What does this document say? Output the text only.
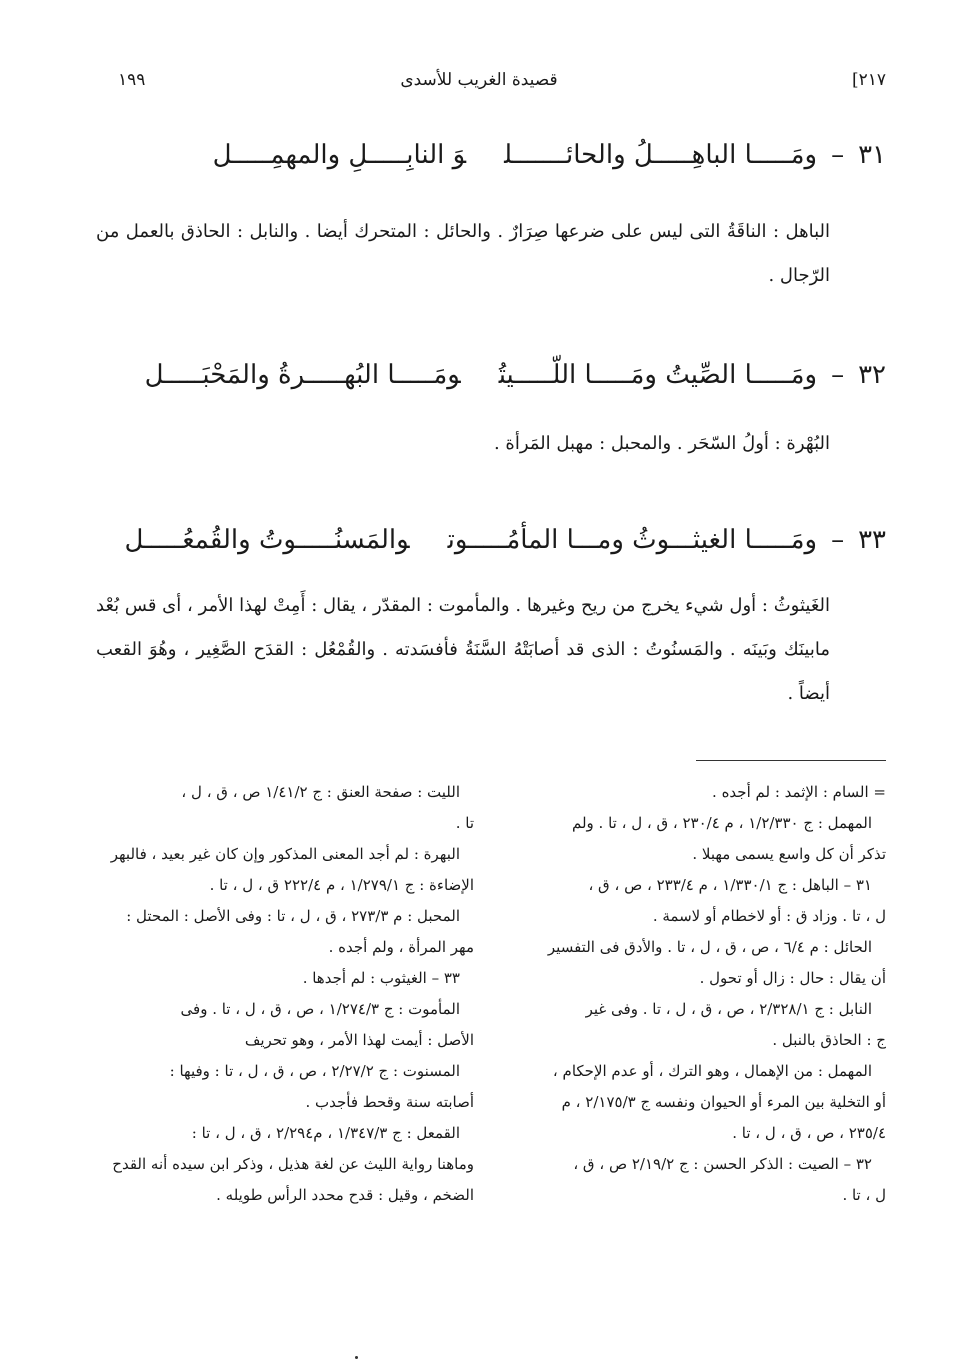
٢١٧]
قصيدة الغريب للأسدى
١٩٩
٣١–ومَـــــا الباهِـــــلُ والحائـــــــلوَ النابِـــــلِ والمهمِـــــل
الباهل : الناقَةُ التى ليس على ضرعها صِرَارٌ . والحائل : المتحرك أيضا . والنابل : الحاذق بالعمل من الرّجال .
٣٢–ومَـــــا الصِّيتُ ومَـــــا اللّـــــيتُومَـــــا البُهـــــرةُ والمَحْبَـــــل
البُهْرة : أولُ السّحَر . والمحبل : مهبل المَرأة .
٣٣–ومَـــــا الغيثـــوثُ ومـــا المأمُـــــوتوالمَسنُـــــوتُ والقُمعُـــــل
الغَيثوثُ : أول شيء يخرج من ريح وغيرها . والمأموت : المقدّر ، يقال : أَمِتْ لهذا الأمر ، أى قس بُعْد مابينَك وبَينَه . والمَسنُوتُ : الذى قد أصابَتْهُ السَّنَةُ فأفسَدته . والقُمْعُل : القدَح الصَّغِير ، وهُوَ القعب أيضاً .

= السام : الإثمد : لم أجده .

المهمل : ج ١/٢/٣٣٠ ، م ٢٣٠/٤ ، ق ، ل ، تا . ولم

تذكر أن كل واسع يسمى مهبلا .

٣١ – الباهل : ج ١/٣٣٠/١ ، م ٢٣٣/٤ ، ص ، ق ،

ل ، تا . وزاد ق : أو لاخطام أو لاسمة .

الحائل : م ٦/٤ ، ص ، ق ، ل ، تا . والأدق فى التفسير

أن يقال : حال : زال أو تحول .

النابل : ج ٢/٣٢٨/١ ، ص ، ق ، ل ، تا . وفى غير

ج : الحاذق بالنبل .

المهمل : من الإهمال ، وهو الترك ، أو عدم الإحكام ،

أو التخلية بين المرء أو الحيوان ونفسه ج ٢/١٧٥/٣ ، م

٢٣٥/٤ ، ص ، ق ، ل ، تا .

٣٢ – الصيت : الذكر الحسن : ج ٢/١٩/٢ ص ، ق ،

ل ، تا .

الليت : صفحة العنق : ج ١/٤١/٢ ص ، ق ، ل ،

تا .

البهرة : لم أجد المعنى المذكور وإن كان غير بعيد ، فالبهر

الإضاءة : ج ١/٢٧٩/١ ، م ٢٢٢/٤ ق ، ل ، تا .

المحبل : م ٢٧٣/٣ ، ق ، ل ، تا : وفى الأصل : المحتل :

مهر المرأة ، ولم أجده .

٣٣ – الغيثوب : لم أجدها .

المأموت : ج ١/٢٧٤/٣ ، ص ، ق ، ل ، تا . وفى

الأصل : أيمت لهذا الأمر ، وهو تحريف

المسنوت : ج ٢/٢٧/٢ ، ص ، ق ، ل ، تا : وفيها :

أصابته سنة وقحط فأجدب .

القمعل : ج ١/٣٤٧/٣ ، م٢/٢٩٤ ، ق ، ل ، تا :

وماهنا رواية الليث عن لغة هذيل ، وذكر ابن سيده أنه القدح

الضخم ، وقيل : قدح محدد الرأس طويله .
